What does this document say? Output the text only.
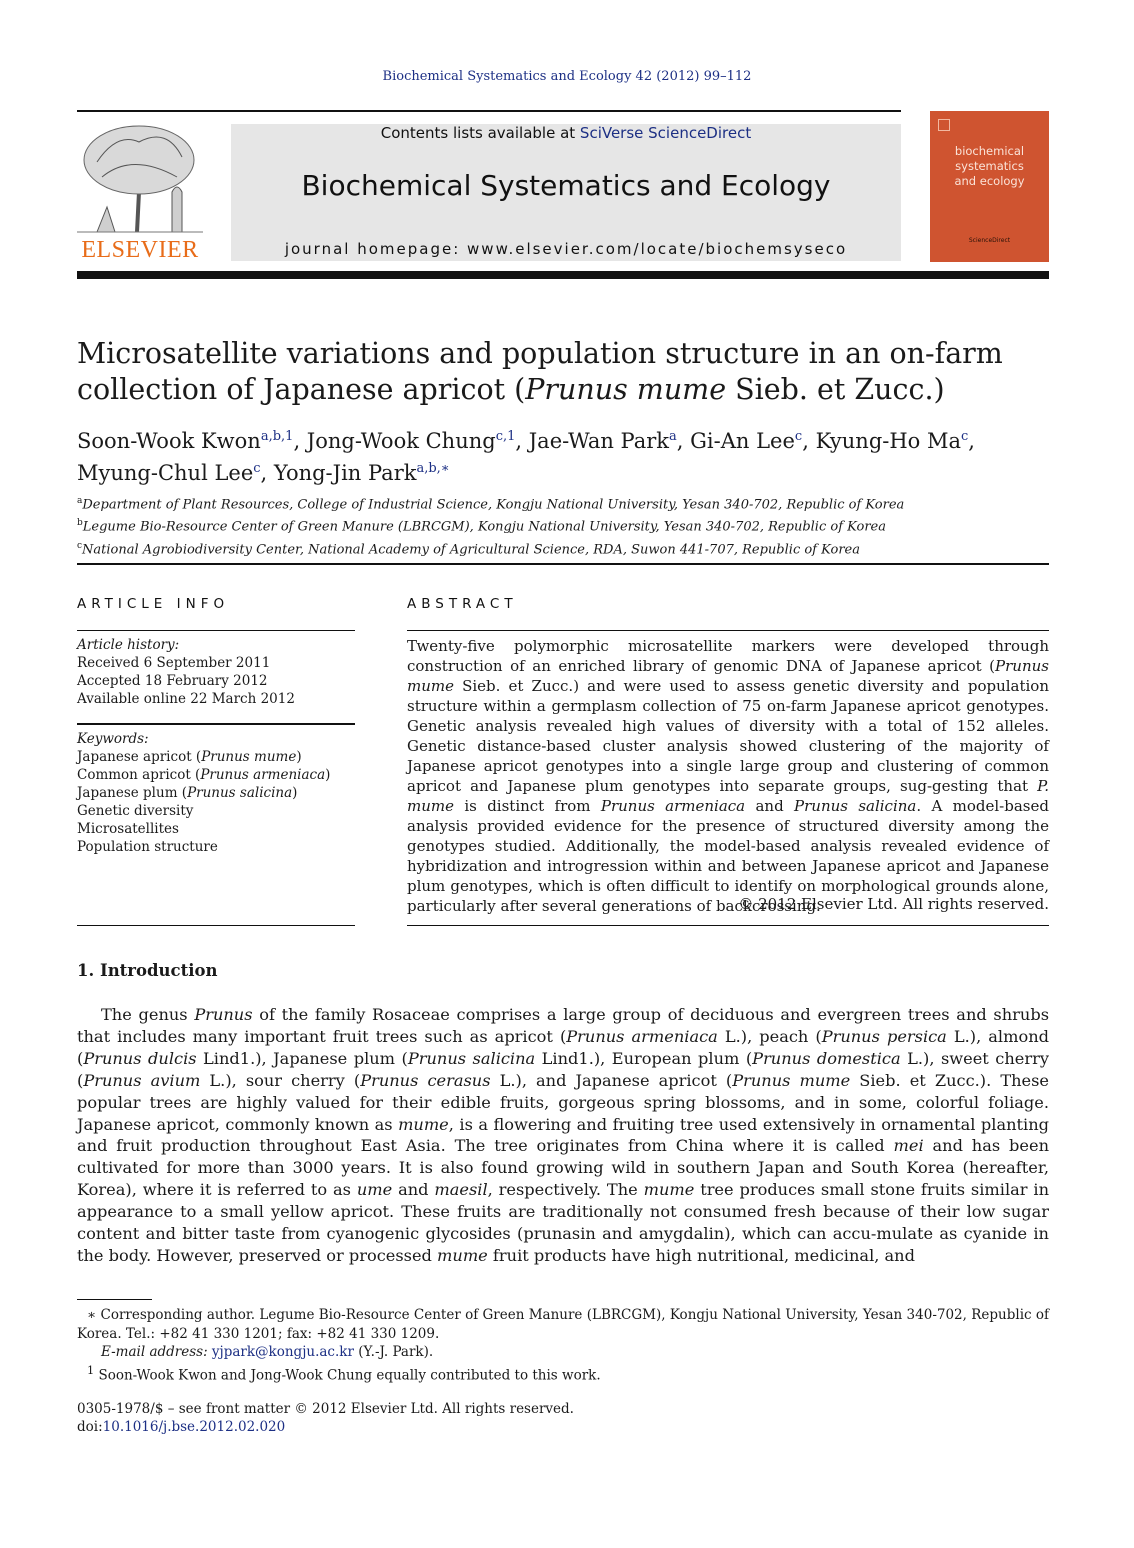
Biochemical Systematics and Ecology 42 (2012) 99–112
ELSEVIER
Contents lists available at SciVerse ScienceDirect
Biochemical Systematics and Ecology
journal homepage: www.elsevier.com/locate/biochemsyseco
biochemical
systematics
and ecology
ScienceDirect
Microsatellite variations and population structure in an on-farm
collection of Japanese apricot (Prunus mume Sieb. et Zucc.)
Soon-Wook Kwon$^{a,b,1}$, Jong-Wook Chung$^{c,1}$, Jae-Wan Park$^a$, Gi-An Lee$^c$, Kyung-Ho Ma$^c$,
Myung-Chul Lee$^c$, Yong-Jin Park$^{a,b,∗}$
$^a$Department of Plant Resources, College of Industrial Science, Kongju National University, Yesan 340-702, Republic of Korea
$^b$Legume Bio-Resource Center of Green Manure (LBRCGM), Kongju National University, Yesan 340-702, Republic of Korea
$^c$National Agrobiodiversity Center, National Academy of Agricultural Science, RDA, Suwon 441-707, Republic of Korea
ARTICLE INFO
Article history:
Received 6 September 2011
Accepted 18 February 2012
Available online 22 March 2012
Keywords:
Japanese apricot (Prunus mume)
Common apricot (Prunus armeniaca)
Japanese plum (Prunus salicina)
Genetic diversity
Microsatellites
Population structure
ABSTRACT

Twenty-five polymorphic microsatellite markers were developed through construction of an enriched library of genomic DNA of Japanese apricot (Prunus mume Sieb. et Zucc.) and were used to assess genetic diversity and population structure within a germplasm collection of 75 on-farm Japanese apricot genotypes. Genetic analysis revealed high values of diversity with a total of 152 alleles. Genetic distance-based cluster analysis showed clustering of the majority of Japanese apricot genotypes into a single large group and clustering of common apricot and Japanese plum genotypes into separate groups, sug-gesting that P. mume is distinct from Prunus armeniaca and Prunus salicina. A model-based analysis provided evidence for the presence of structured diversity among the genotypes studied. Additionally, the model-based analysis revealed evidence of hybridization and introgression within and between Japanese apricot and Japanese plum genotypes, which is often difficult to identify on morphological grounds alone, particularly after several generations of backcrossing.

© 2012 Elsevier Ltd. All rights reserved.
1. Introduction

The genus Prunus of the family Rosaceae comprises a large group of deciduous and evergreen trees and shrubs that includes many important fruit trees such as apricot (Prunus armeniaca L.), peach (Prunus persica L.), almond (Prunus dulcis Lind1.), Japanese plum (Prunus salicina Lind1.), European plum (Prunus domestica L.), sweet cherry (Prunus avium L.), sour cherry (Prunus cerasus L.), and Japanese apricot (Prunus mume Sieb. et Zucc.). These popular trees are highly valued for their edible fruits, gorgeous spring blossoms, and in some, colorful foliage. Japanese apricot, commonly known as mume, is a flowering and fruiting tree used extensively in ornamental planting and fruit production throughout East Asia. The tree originates from China where it is called mei and has been cultivated for more than 3000 years. It is also found growing wild in southern Japan and South Korea (hereafter, Korea), where it is referred to as ume and maesil, respectively. The mume tree produces small stone fruits similar in appearance to a small yellow apricot. These fruits are traditionally not consumed fresh because of their low sugar content and bitter taste from cyanogenic glycosides (prunasin and amygdalin), which can accu-mulate as cyanide in the body. However, preserved or processed mume fruit products have high nutritional, medicinal, and

∗ Corresponding author. Legume Bio-Resource Center of Green Manure (LBRCGM), Kongju National University, Yesan 340-702, Republic of Korea. Tel.: +82 41 330 1201; fax: +82 41 330 1209.
E-mail address: yjpark@kongju.ac.kr (Y.-J. Park).
$^1$ Soon-Wook Kwon and Jong-Wook Chung equally contributed to this work.
0305-1978/$ – see front matter © 2012 Elsevier Ltd. All rights reserved.
doi:10.1016/j.bse.2012.02.020
